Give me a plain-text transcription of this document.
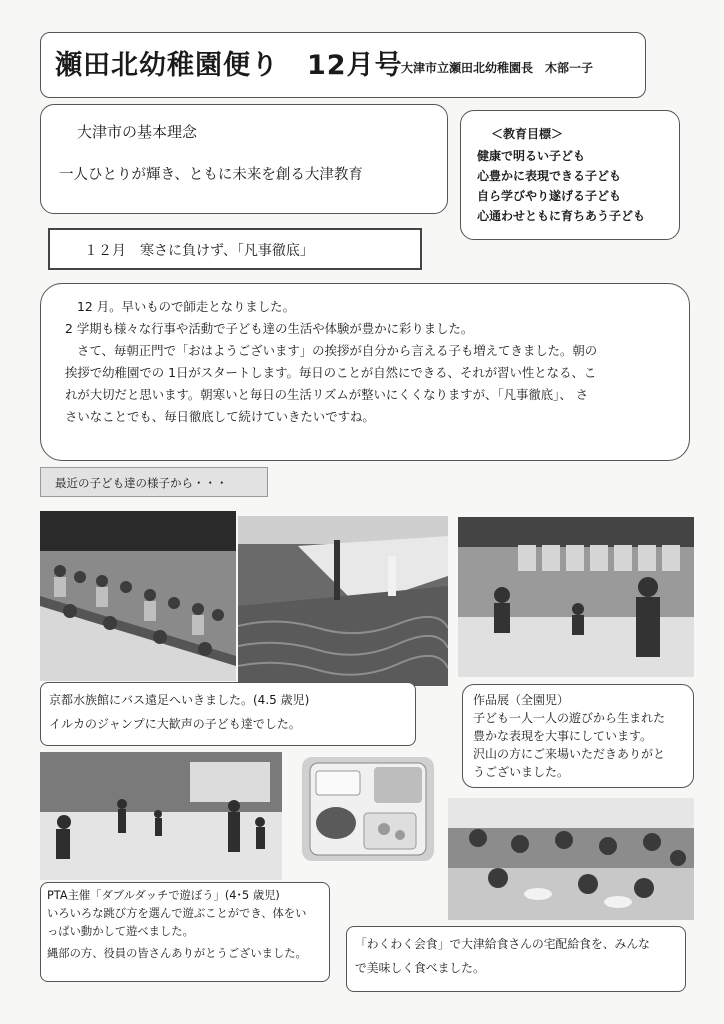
瀬田北幼稚園便り　12月号
大津市立瀬田北幼稚園長　木部一子
大津市の基本理念
一人ひとりが輝き、ともに未来を創る大津教育
＜教育目標＞
健康で明るい子ども
心豊かに表現できる子ども
自ら学びやり遂げる子ども
心通わせともに育ちあう子ども
１２月　寒さに負けず、「凡事徹底」

12 月。早いもので師走となりました。

2 学期も様々な行事や活動で子ども達の生活や体験が豊かに彩りました。

さて、毎朝正門で「おはようございます」の挨拶が自分から言える子も増えてきました。朝の

挨拶で幼稚園での 1日がスタートします。毎日のことが自然にできる、それが習い性となる、こ

れが大切だと思います。朝寒いと毎日の生活リズムが整いにくくなりますが、「凡事徹底」、 さ

さいなことでも、毎日徹底して続けていきたいですね。

最近の子ども達の様子から・・・
京都水族館にバス遠足へいきました。(4.5 歳児)
イルカのジャンプに大歓声の子ども達でした。
作品展（全園児）
子ども一人一人の遊びから生まれた
豊かな表現を大事にしています。
沢山の方にご来場いただきありがと
うございました。
PTA主催「ダブルダッチで遊ぼう」(4･5 歳児)
いろいろな跳び方を選んで遊ぶことができ、体をい
っぱい動かして遊べました。
縄部の方、役員の皆さんありがとうございました。
「わくわく会食」で大津給食さんの宅配給食を、みんな
で美味しく食べました。
